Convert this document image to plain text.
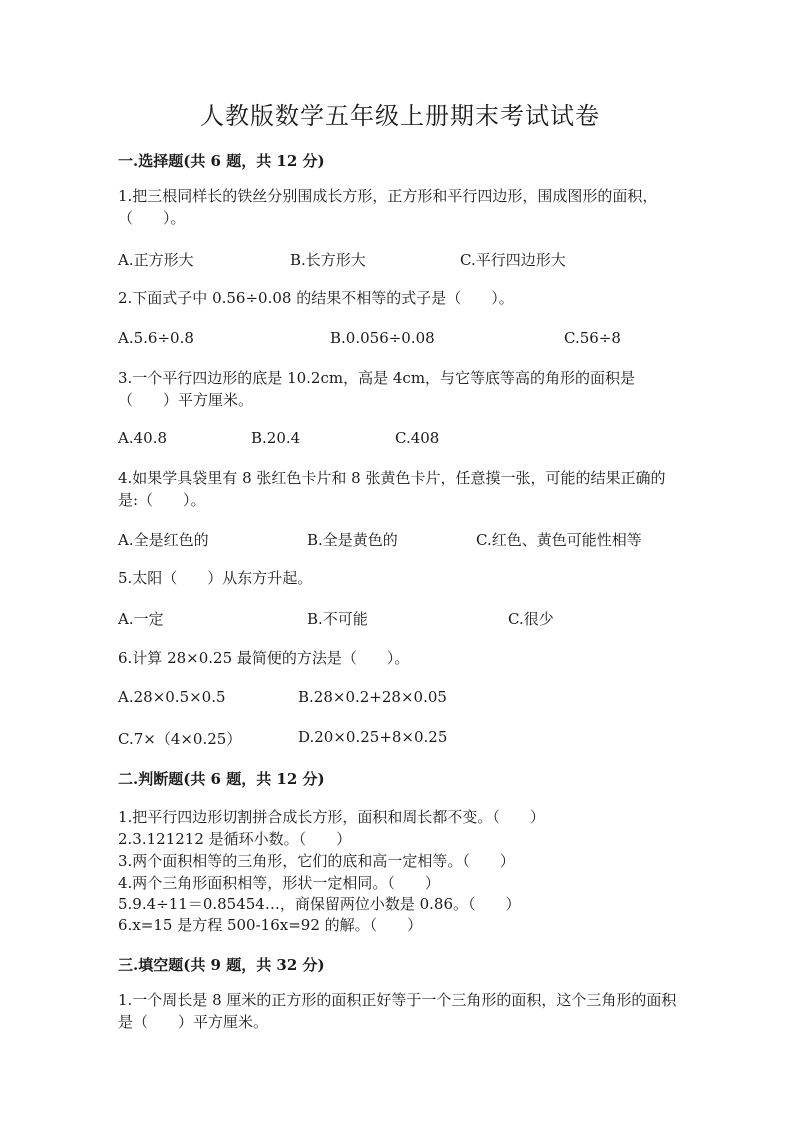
人教版数学五年级上册期末考试试卷
一.选择题(共 6 题，共 12 分)
1.把三根同样长的铁丝分别围成长方形，正方形和平行四边形，围成图形的面积，（　　）。
A.正方形大	B.长方形大	C.平行四边形大
2.下面式子中 0.56÷0.08 的结果不相等的式子是（　　）。
A.5.6÷0.8	B.0.056÷0.08	C.56÷8
3.一个平行四边形的底是 10.2cm，高是 4cm，与它等底等高的角形的面积是（　　）平方厘米。
A.40.8	B.20.4	C.408
4.如果学具袋里有 8 张红色卡片和 8 张黄色卡片，任意摸一张，可能的结果正确的是:（　　）。
A.全是红色的	B.全是黄色的	C.红色、黄色可能性相等
5.太阳（　　）从东方升起。
A.一定	B.不可能	C.很少
6.计算 28×0.25 最简便的方法是（　　）。
A.28×0.5×0.5	B.28×0.2+28×0.05
C.7×（4×0.25）	D.20×0.25+8×0.25
二.判断题(共 6 题，共 12 分)
1.把平行四边形切割拼合成长方形，面积和周长都不变。（　　）
2.3.121212 是循环小数。（　　）
3.两个面积相等的三角形，它们的底和高一定相等。（　　）
4.两个三角形面积相等，形状一定相同。（　　）
5.9.4÷11＝0.85454…，商保留两位小数是 0.86。（　　）
6.x=15 是方程 500-16x=92 的解。（　　）
三.填空题(共 9 题，共 32 分)
1.一个周长是 8 厘米的正方形的面积正好等于一个三角形的面积，这个三角形的面积是（　　）平方厘米。
